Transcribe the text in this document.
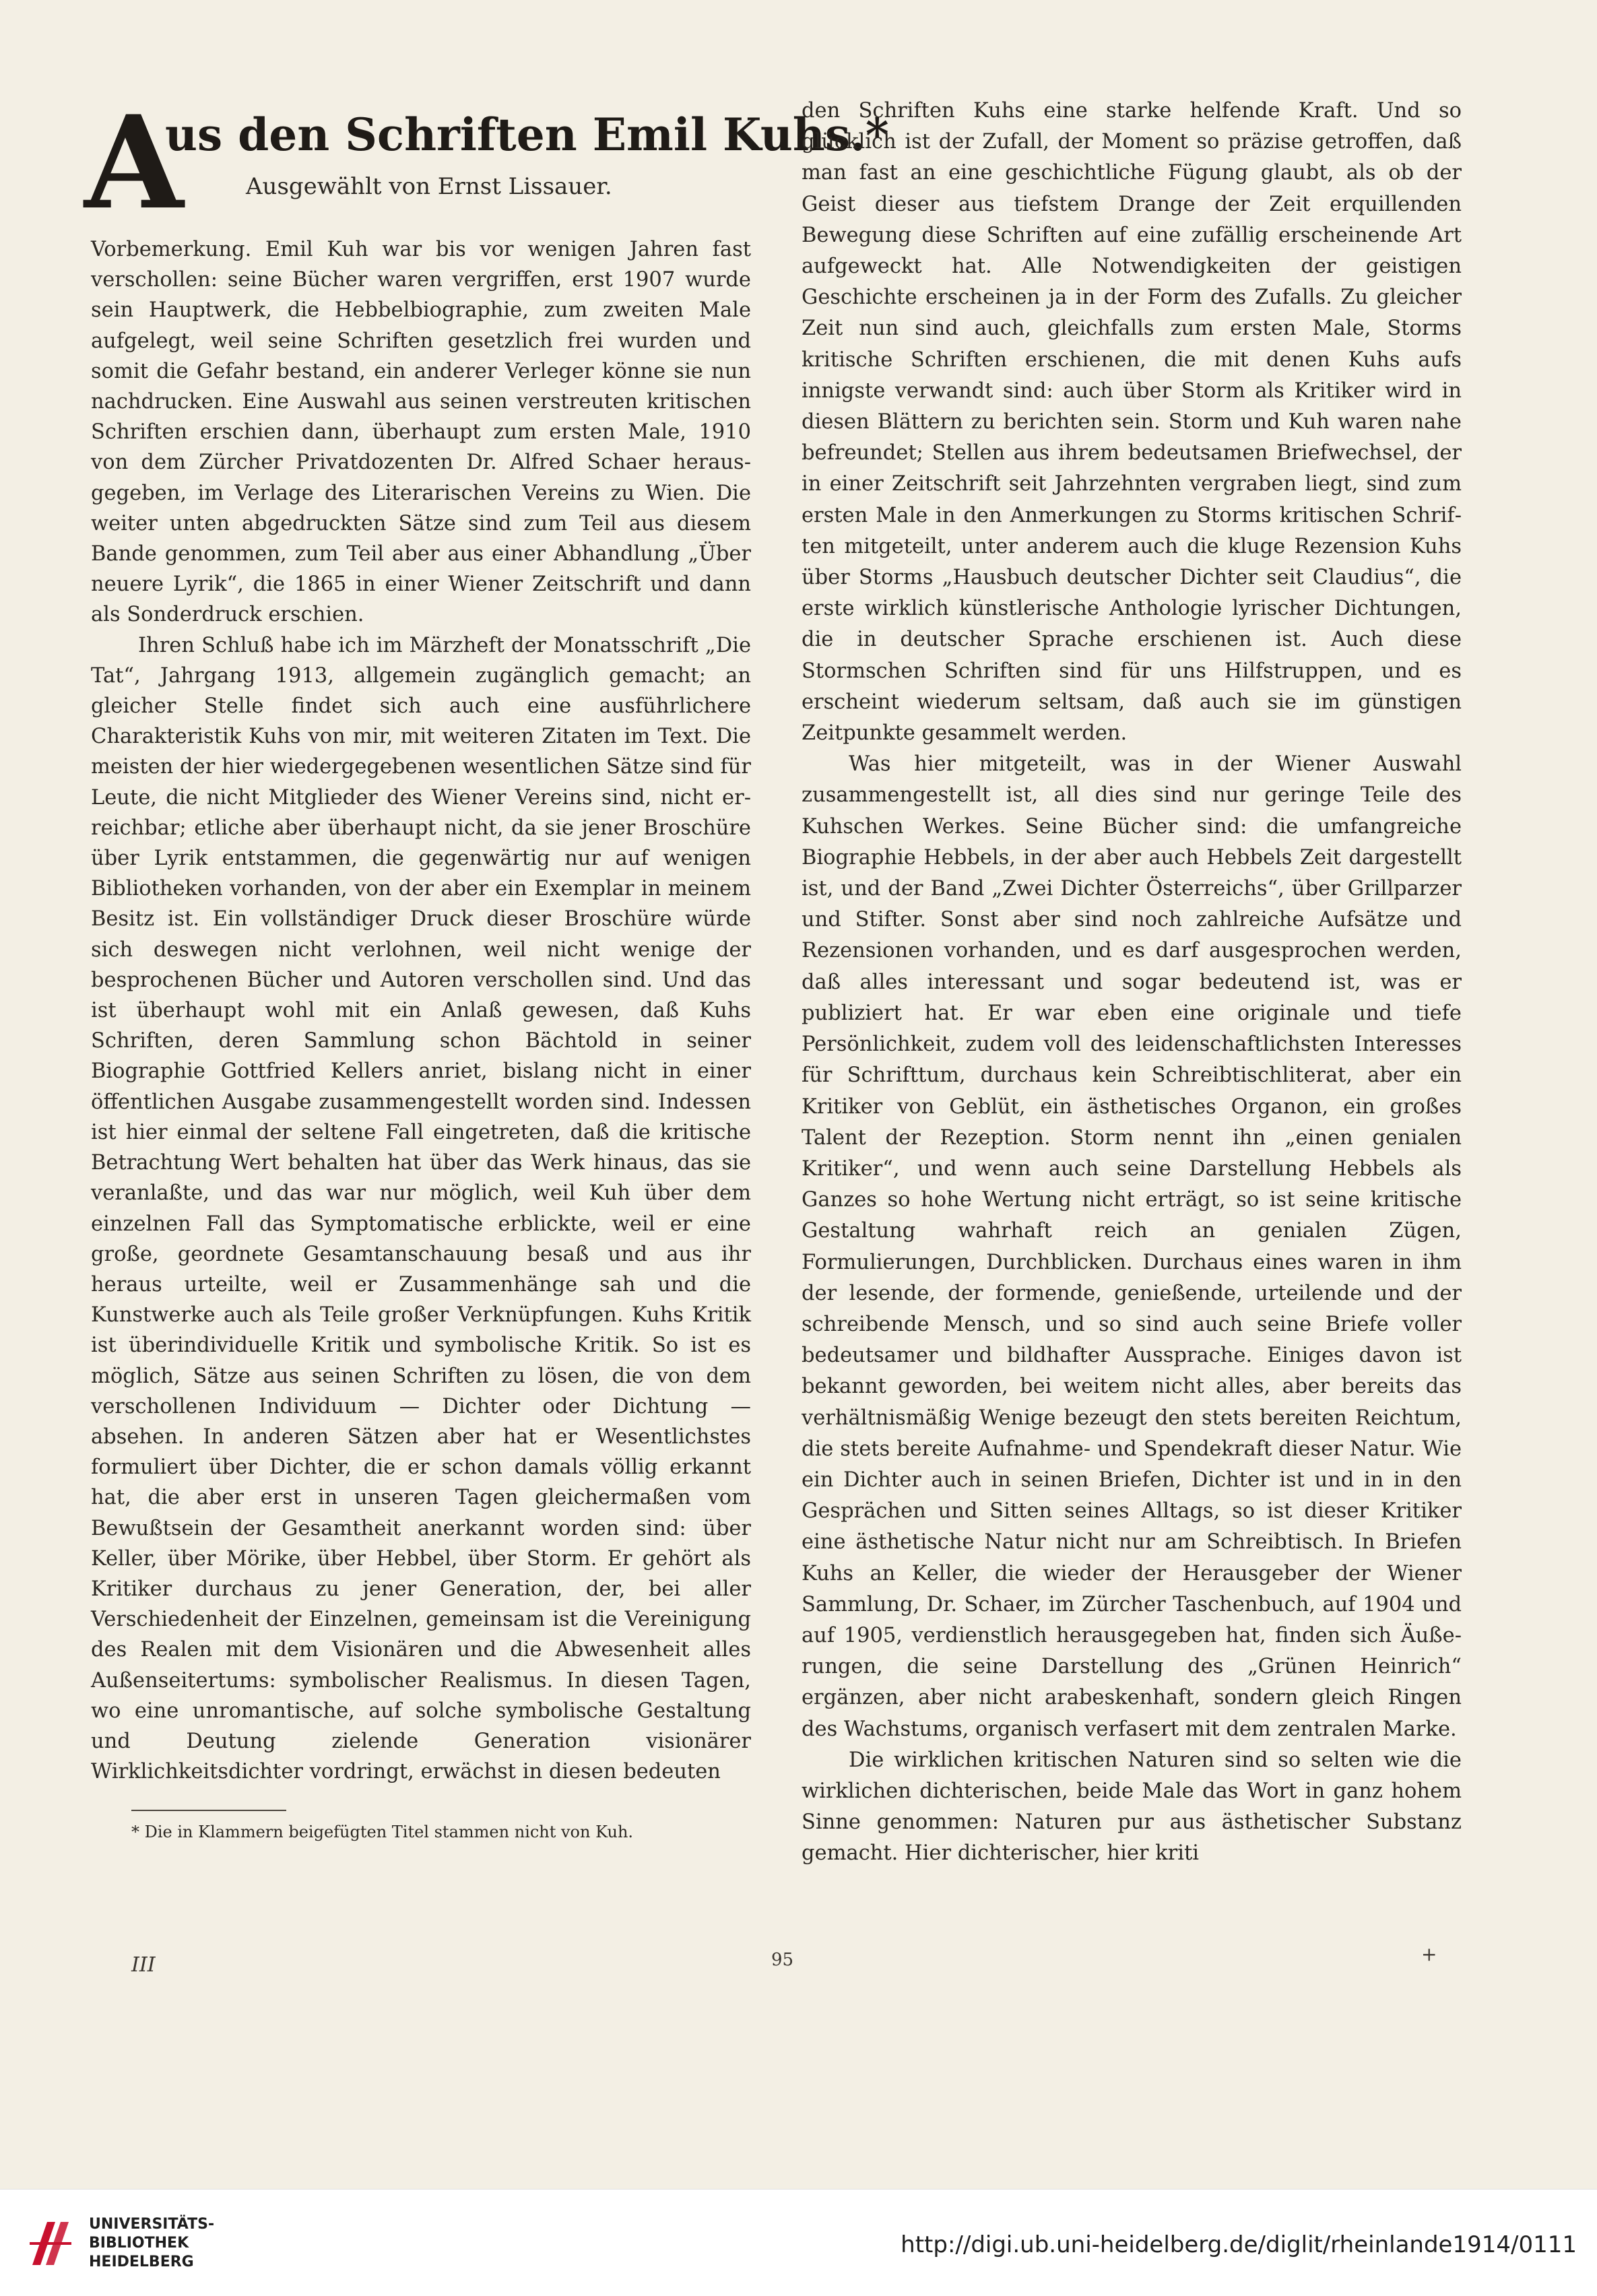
A
us den Schriften Emil Kuhs.*
Ausgewählt von Ernst Lissauer.

Vorbemerkung. Emil Kuh war bis vor wenigen Jahren fast verschollen: seine Bücher waren vergriffen, erst 1907 wurde sein Hauptwerk, die Hebbelbiographie, zum zweiten Male aufgelegt, weil seine Schriften gesetzlich frei wurden und somit die Gefahr bestand, ein anderer Verleger könne sie nun nachdrucken. Eine Auswahl aus seinen verstreuten kritischen Schriften erschien dann, überhaupt zum ersten Male, 1910 von dem Zürcher Privatdozenten Dr. Alfred Schaer herausgegeben, im Verlage des Literarischen Vereins zu Wien. Die weiter unten abgedruckten Sätze sind zum Teil aus diesem Bande genommen, zum Teil aber aus einer Abhandlung „Über neuere Lyrik“, die 1865 in einer Wiener Zeitschrift und dann als Sonderdruck erschien.

Ihren Schluß habe ich im Märzheft der Monatsschrift „Die Tat“, Jahrgang 1913, allgemein zugänglich gemacht; an gleicher Stelle findet sich auch eine ausführlichere Charakteristik Kuhs von mir, mit weiteren Zitaten im Text. Die meisten der hier wiedergegebenen wesentlichen Sätze sind für Leute, die nicht Mitglieder des Wiener Vereins sind, nicht erreichbar; etliche aber überhaupt nicht, da sie jener Broschüre über Lyrik entstammen, die gegenwärtig nur auf wenigen Bibliotheken vorhanden, von der aber ein Exemplar in meinem Besitz ist. Ein vollständiger Druck dieser Broschüre würde sich deswegen nicht verlohnen, weil nicht wenige der besprochenen Bücher und Autoren verschollen sind. Und das ist überhaupt wohl mit ein Anlaß gewesen, daß Kuhs Schriften, deren Sammlung schon Bächtold in seiner Biographie Gottfried Kellers anriet, bislang nicht in einer öffentlichen Ausgabe zusammengestellt worden sind. Indessen ist hier einmal der seltene Fall eingetreten, daß die kritische Betrachtung Wert behalten hat über das Werk hinaus, das sie veranlaßte, und das war nur möglich, weil Kuh über dem einzelnen Fall das Symptomatische erblickte, weil er eine große, geordnete Gesamtanschauung besaß und aus ihr heraus urteilte, weil er Zusammenhänge sah und die Kunstwerke auch als Teile großer Verknüpfungen. Kuhs Kritik ist überindividuelle Kritik und symbolische Kritik. So ist es möglich, Sätze aus seinen Schriften zu lösen, die von dem verschollenen Individuum — Dichter oder Dichtung — absehen. In anderen Sätzen aber hat er Wesentlichstes formuliert über Dichter, die er schon damals völlig erkannt hat, die aber erst in unseren Tagen gleichermaßen vom Bewußtsein der Gesamtheit anerkannt worden sind: über Keller, über Mörike, über Hebbel, über Storm. Er gehört als Kritiker durchaus zu jener Generation, der, bei aller Verschiedenheit der Einzelnen, gemeinsam ist die Vereinigung des Realen mit dem Visionären und die Abwesenheit alles Außenseitertums: symbolischer Realismus. In diesen Tagen, wo eine unromantische, auf solche symbolische Gestaltung und Deutung zielende Generation visionärer Wirklichkeitsdichter vordringt, erwächst in diesen bedeuten

* Die in Klammern beigefügten Titel stammen nicht von Kuh.

den Schriften Kuhs eine starke helfende Kraft. Und so glücklich ist der Zufall, der Moment so präzise getroffen, daß man fast an eine geschichtliche Fügung glaubt, als ob der Geist dieser aus tiefstem Drange der Zeit erquillenden Bewegung diese Schriften auf eine zufällig erscheinende Art aufgeweckt hat. Alle Notwendigkeiten der geistigen Geschichte erscheinen ja in der Form des Zufalls. Zu gleicher Zeit nun sind auch, gleichfalls zum ersten Male, Storms kritische Schriften erschienen, die mit denen Kuhs aufs innigste verwandt sind: auch über Storm als Kritiker wird in diesen Blättern zu berichten sein. Storm und Kuh waren nahe befreundet; Stellen aus ihrem bedeutsamen Briefwechsel, der in einer Zeitschrift seit Jahrzehnten vergraben liegt, sind zum ersten Male in den Anmerkungen zu Storms kritischen Schriften mitgeteilt, unter anderem auch die kluge Rezension Kuhs über Storms „Hausbuch deutscher Dichter seit Claudius“, die erste wirklich künstlerische Anthologie lyrischer Dichtungen, die in deutscher Sprache erschienen ist. Auch diese Stormschen Schriften sind für uns Hilfstruppen, und es erscheint wiederum seltsam, daß auch sie im günstigen Zeitpunkte gesammelt werden.

Was hier mitgeteilt, was in der Wiener Auswahl zusammengestellt ist, all dies sind nur geringe Teile des Kuhschen Werkes. Seine Bücher sind: die umfangreiche Biographie Hebbels, in der aber auch Hebbels Zeit dargestellt ist, und der Band „Zwei Dichter Österreichs“, über Grillparzer und Stifter. Sonst aber sind noch zahlreiche Aufsätze und Rezensionen vorhanden, und es darf ausgesprochen werden, daß alles interessant und sogar bedeutend ist, was er publiziert hat. Er war eben eine originale und tiefe Persönlichkeit, zudem voll des leidenschaftlichsten Interesses für Schrifttum, durchaus kein Schreibtischliterat, aber ein Kritiker von Geblüt, ein ästhetisches Organon, ein großes Talent der Rezeption. Storm nennt ihn „einen genialen Kritiker“, und wenn auch seine Darstellung Hebbels als Ganzes so hohe Wertung nicht erträgt, so ist seine kritische Gestaltung wahrhaft reich an genialen Zügen, Formulierungen, Durchblicken. Durchaus eines waren in ihm der lesende, der formende, genießende, urteilende und der schreibende Mensch, und so sind auch seine Briefe voller bedeutsamer und bildhafter Aussprache. Einiges davon ist bekannt geworden, bei weitem nicht alles, aber bereits das verhältnismäßig Wenige bezeugt den stets bereiten Reichtum, die stets bereite Aufnahme- und Spendekraft dieser Natur. Wie ein Dichter auch in seinen Briefen, Dichter ist und in in den Gesprächen und Sitten seines Alltags, so ist dieser Kritiker eine ästhetische Natur nicht nur am Schreibtisch. In Briefen Kuhs an Keller, die wieder der Herausgeber der Wiener Sammlung, Dr. Schaer, im Zürcher Taschenbuch, auf 1904 und auf 1905, verdienstlich herausgegeben hat, finden sich Äußerungen, die seine Darstellung des „Grünen Heinrich“ ergänzen, aber nicht arabeskenhaft, sondern gleich Ringen des Wachstums, organisch verfasert mit dem zentralen Marke.

Die wirklichen kritischen Naturen sind so selten wie die wirklichen dichterischen, beide Male das Wort in ganz hohem Sinne genommen: Naturen pur aus ästhetischer Substanz gemacht. Hier dichterischer, hier kriti

III	95	+
UNIVERSITÄTS-
BIBLIOTHEK
HEIDELBERG
http://digi.ub.uni-heidelberg.de/diglit/rheinlande1914/0111
